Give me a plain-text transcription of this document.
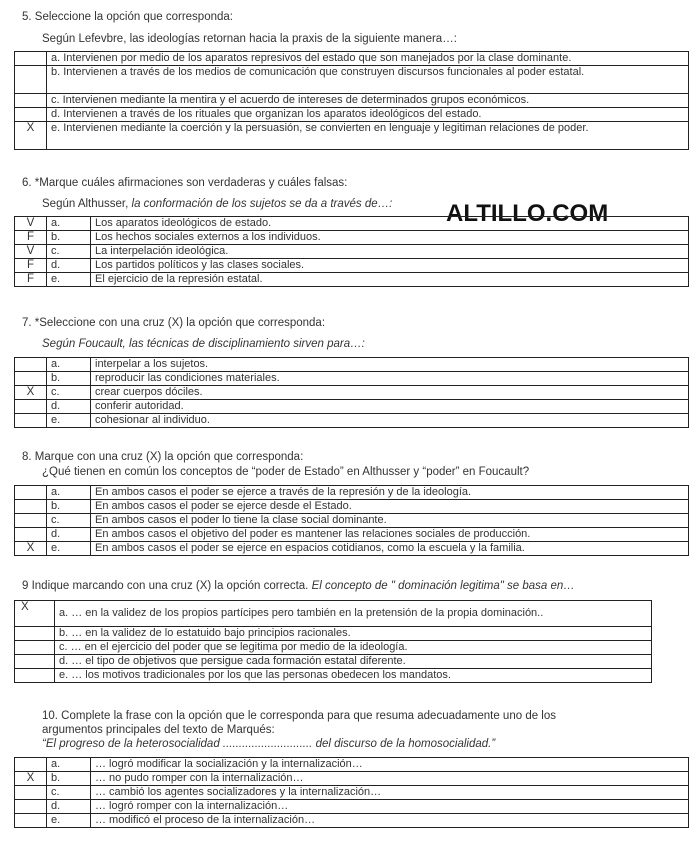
ALTILLO.COM
5. Seleccione la opción que corresponda:
Según Lefevbre, las ideologías retornan hacia la praxis de la siguiente manera…:
	a. Intervienen por medio de los aparatos represivos del estado que son manejados por la clase dominante.
	b. Intervienen a través de los medios de comunicación que construyen discursos funcionales al poder estatal.
	c. Intervienen mediante la mentira y el acuerdo de intereses de determinados grupos económicos.
	d. Intervienen a través de los rituales que organizan los aparatos ideológicos del estado.
X	e. Intervienen mediante la coerción y la persuasión, se convierten en lenguaje y legitiman relaciones de poder.
6. *Marque cuáles afirmaciones son verdaderas y cuáles falsas:
Según Althusser, la conformación de los sujetos se da a través de…:
V	a.	Los aparatos ideológicos de estado.
F	b.	Los hechos sociales externos a los individuos.
V	c.	La interpelación ideológica.
F	d.	Los partidos políticos y las clases sociales.
F	e.	El ejercicio de la represión estatal.
7. *Seleccione con una cruz (X) la opción que corresponda:
Según Foucault, las técnicas de disciplinamiento sirven para…:
	a.	interpelar a los sujetos.
	b.	reproducir las condiciones materiales.
X	c.	crear cuerpos dóciles.
	d.	conferir autoridad.
	e.	cohesionar al individuo.
8. Marque con una cruz (X) la opción que corresponda:
¿Qué tienen en común los conceptos de “poder de Estado” en Althusser y “poder” en Foucault?
	a.	En ambos casos el poder se ejerce a través de la represión y de la ideología.
	b.	En ambos casos el poder se ejerce desde el Estado.
	c.	En ambos casos el poder lo tiene la clase social dominante.
	d.	En ambos casos el objetivo del poder es mantener las relaciones sociales de producción.
X	e.	En ambos casos el poder se ejerce en espacios cotidianos, como la escuela y la familia.
9 Indique marcando con una cruz (X) la opción correcta. El concepto de " dominación legitima" se basa en…
X	a. … en la validez de los propios partícipes pero también en la pretensión de la propia dominación..
	b. … en la validez de lo estatuido bajo principios racionales.
	c. … en el ejercicio del poder que se legitima por medio de la ideología.
	d. … el tipo de objetivos que persigue cada formación estatal diferente.
	e. … los motivos tradicionales por los que las personas obedecen los mandatos.
10. Complete la frase con la opción que le corresponda para que resuma adecuadamente uno de los
argumentos principales del texto de Marqués:
“El progreso de la heterosocialidad ............................ del discurso de la homosocialidad.”
	a.	… logró modificar la socialización y la internalización…
X	b.	… no pudo romper con la internalización…
	c.	… cambió los agentes socializadores y la internalización…
	d.	… logró romper con la internalización…
	e.	… modificó el proceso de la internalización…
